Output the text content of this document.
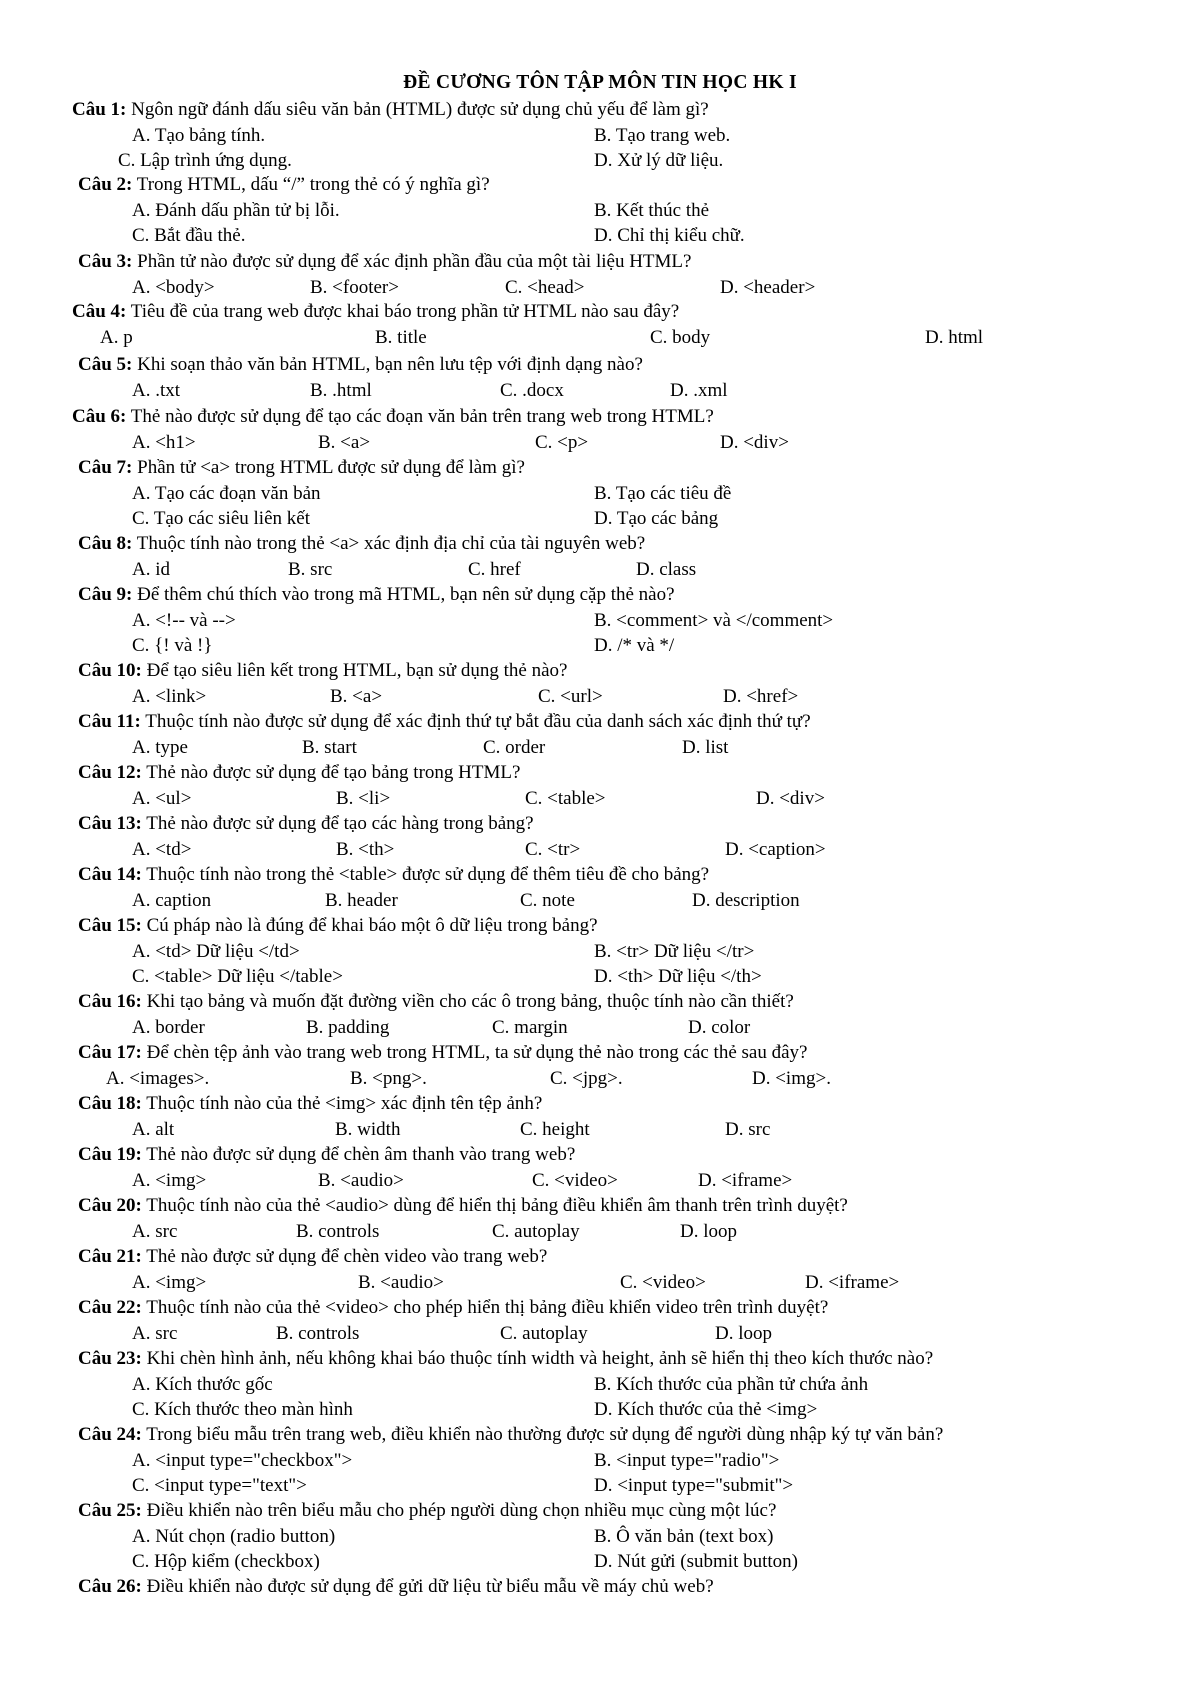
ĐỀ CƯƠNG TÔN TẬP MÔN TIN HỌC HK I
Câu 1: Ngôn ngữ đánh dấu siêu văn bản (HTML) được sử dụng chủ yếu để làm gì?
A. Tạo bảng tính.	B. Tạo trang web.
C. Lập trình ứng dụng.	D. Xử lý dữ liệu.
Câu 2: Trong HTML, dấu “/” trong thẻ có ý nghĩa gì?
A. Đánh dấu phần tử bị lỗi.	B. Kết thúc thẻ
C. Bắt đầu thẻ.	D. Chỉ thị kiểu chữ.
Câu 3: Phần tử nào được sử dụng để xác định phần đầu của một tài liệu HTML?
A. <body>	B. <footer>	C. <head>	D. <header>
Câu 4: Tiêu đề của trang web được khai báo trong phần tử HTML nào sau đây?
A. p	B. title	C. body	D. html
Câu 5: Khi soạn thảo văn bản HTML, bạn nên lưu tệp với định dạng nào?
A. .txt	B. .html	C. .docx	D. .xml
Câu 6: Thẻ nào được sử dụng để tạo các đoạn văn bản trên trang web trong HTML?
A. <h1>	B. <a>	C. <p>	D. <div>
Câu 7: Phần tử <a> trong HTML được sử dụng để làm gì?
A. Tạo các đoạn văn bản	B. Tạo các tiêu đề
C. Tạo các siêu liên kết	D. Tạo các bảng
Câu 8: Thuộc tính nào trong thẻ <a> xác định địa chỉ của tài nguyên web?
A. id	B. src	C. href	D. class
Câu 9: Để thêm chú thích vào trong mã HTML, bạn nên sử dụng cặp thẻ nào?
A. <!-- và -->	B. <comment> và </comment>
C. {! và !}	D. /* và */
Câu 10: Để tạo siêu liên kết trong HTML, bạn sử dụng thẻ nào?
A. <link>	B. <a>	C. <url>	D. <href>
Câu 11: Thuộc tính nào được sử dụng để xác định thứ tự bắt đầu của danh sách xác định thứ tự?
A. type	B. start	C. order	D. list
Câu 12: Thẻ nào được sử dụng để tạo bảng trong HTML?
A. <ul>	B. <li>	C. <table>	D. <div>
Câu 13: Thẻ nào được sử dụng để tạo các hàng trong bảng?
A. <td>	B. <th>	C. <tr>	D. <caption>
Câu 14: Thuộc tính nào trong thẻ <table> được sử dụng để thêm tiêu đề cho bảng?
A. caption	B. header	C. note	D. description
Câu 15: Cú pháp nào là đúng để khai báo một ô dữ liệu trong bảng?
A. <td> Dữ liệu </td>	B. <tr> Dữ liệu </tr>
C. <table> Dữ liệu </table>	D. <th> Dữ liệu </th>
Câu 16: Khi tạo bảng và muốn đặt đường viền cho các ô trong bảng, thuộc tính nào cần thiết?
A. border	B. padding	C. margin	D. color
Câu 17: Để chèn tệp ảnh vào trang web trong HTML, ta sử dụng thẻ nào trong các thẻ sau đây?
A. <images>.	B. <png>.	C. <jpg>.	D. <img>.
Câu 18: Thuộc tính nào của thẻ <img> xác định tên tệp ảnh?
A. alt	B. width	C. height	D. src
Câu 19: Thẻ nào được sử dụng để chèn âm thanh vào trang web?
A. <img>	B. <audio>	C. <video>	D. <iframe>
Câu 20: Thuộc tính nào của thẻ <audio> dùng để hiển thị bảng điều khiển âm thanh trên trình duyệt?
A. src	B. controls	C. autoplay	D. loop
Câu 21: Thẻ nào được sử dụng để chèn video vào trang web?
A. <img>	B. <audio>	C. <video>	D. <iframe>
Câu 22: Thuộc tính nào của thẻ <video> cho phép hiển thị bảng điều khiển video trên trình duyệt?
A. src	B. controls	C. autoplay	D. loop
Câu 23: Khi chèn hình ảnh, nếu không khai báo thuộc tính width và height, ảnh sẽ hiển thị theo kích thước nào?
A. Kích thước gốc	B. Kích thước của phần tử chứa ảnh
C. Kích thước theo màn hình	D. Kích thước của thẻ <img>
Câu 24: Trong biểu mẫu trên trang web, điều khiển nào thường được sử dụng để người dùng nhập ký tự văn bản?
A. <input type="checkbox">	B. <input type="radio">
C. <input type="text">	D. <input type="submit">
Câu 25: Điều khiển nào trên biểu mẫu cho phép người dùng chọn nhiều mục cùng một lúc?
A. Nút chọn (radio button)	B. Ô văn bản (text box)
C. Hộp kiểm (checkbox)	D. Nút gửi (submit button)
Câu 26: Điều khiển nào được sử dụng để gửi dữ liệu từ biểu mẫu về máy chủ web?
